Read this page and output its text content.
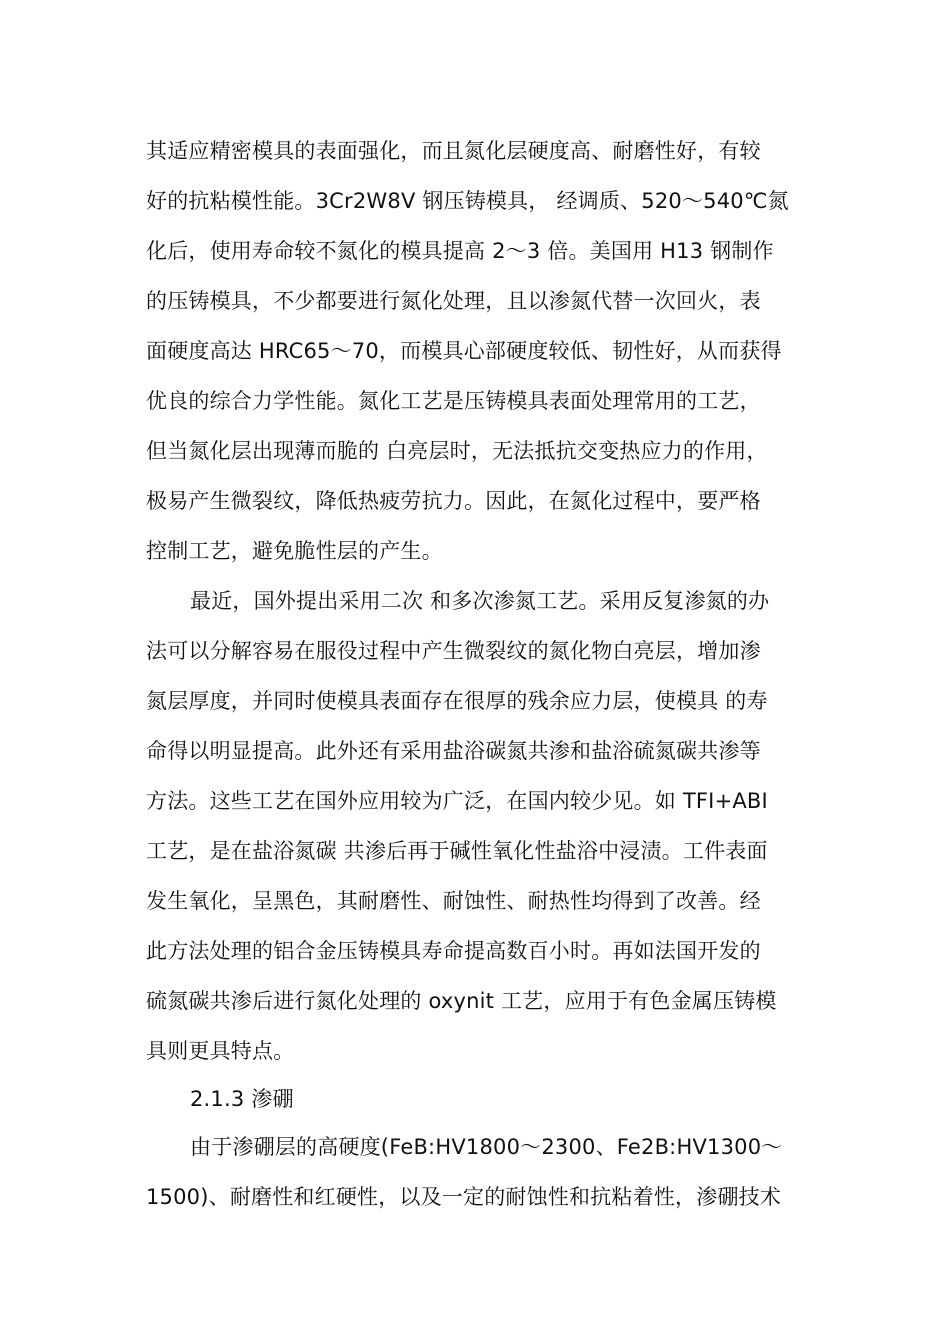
其适应精密模具的表面强化，而且氮化层硬度高、耐磨性好，有较
好的抗粘模性能。3Cr2W8V 钢压铸模具， 经调质、520～540℃氮
化后，使用寿命较不氮化的模具提高 2～3 倍。美国用 H13 钢制作
的压铸模具，不少都要进行氮化处理，且以渗氮代替一次回火，表
面硬度高达 HRC65～70，而模具心部硬度较低、韧性好，从而获得
优良的综合力学性能。氮化工艺是压铸模具表面处理常用的工艺，
但当氮化层出现薄而脆的 白亮层时，无法抵抗交变热应力的作用，
极易产生微裂纹，降低热疲劳抗力。因此，在氮化过程中，要严格
控制工艺，避免脆性层的产生。
最近，国外提出采用二次 和多次渗氮工艺。采用反复渗氮的办
法可以分解容易在服役过程中产生微裂纹的氮化物白亮层，增加渗
氮层厚度，并同时使模具表面存在很厚的残余应力层，使模具 的寿
命得以明显提高。此外还有采用盐浴碳氮共渗和盐浴硫氮碳共渗等
方法。这些工艺在国外应用较为广泛，在国内较少见。如 TFI+ABI
工艺，是在盐浴氮碳 共渗后再于碱性氧化性盐浴中浸渍。工件表面
发生氧化，呈黑色，其耐磨性、耐蚀性、耐热性均得到了改善。经
此方法处理的铝合金压铸模具寿命提高数百小时。再如法国开发的
硫氮碳共渗后进行氮化处理的 oxynit 工艺，应用于有色金属压铸模
具则更具特点。
2.1.3 渗硼
由于渗硼层的高硬度(FeB:HV1800～2300、Fe2B:HV1300～
1500)、耐磨性和红硬性，以及一定的耐蚀性和抗粘着性，渗硼技术
